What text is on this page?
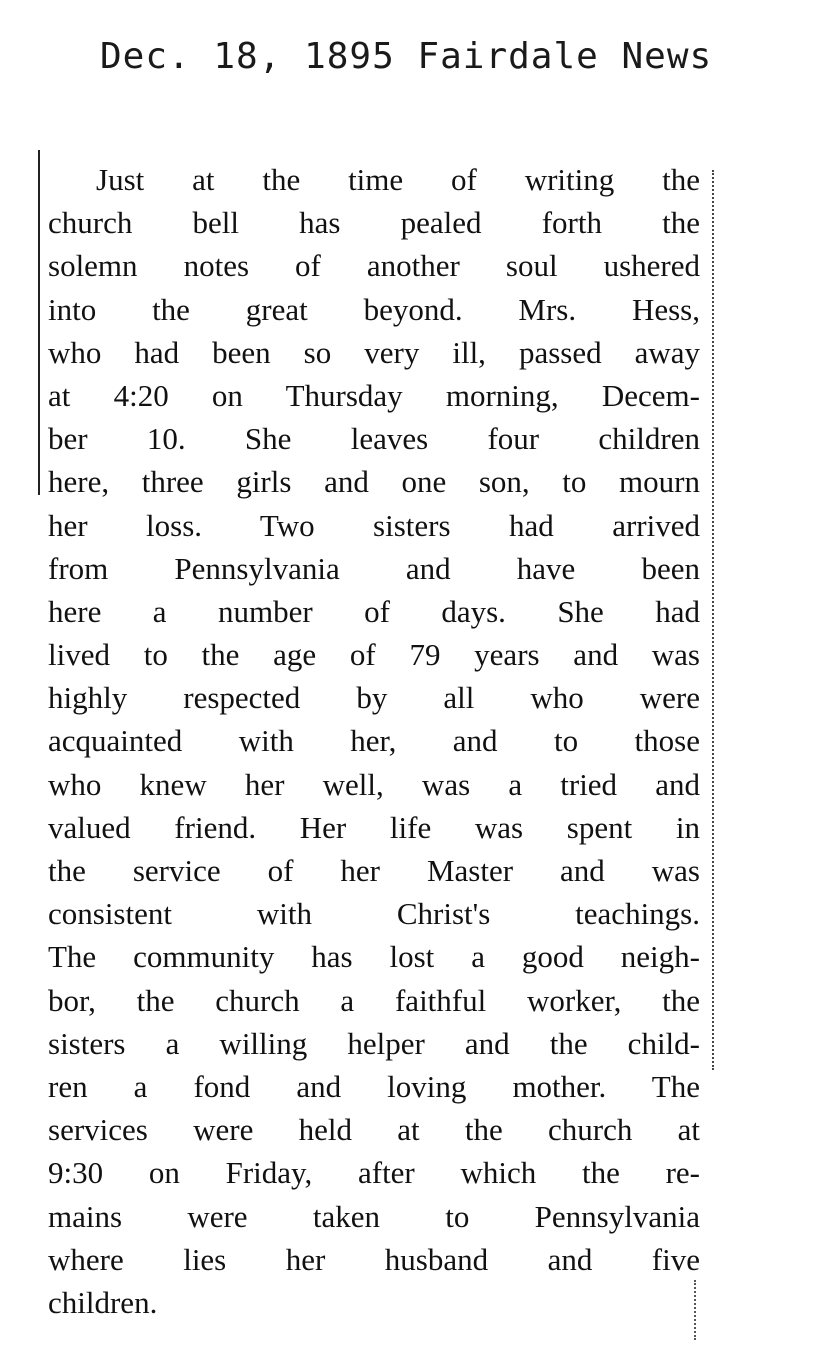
Dec. 18, 1895 Fairdale News
Just at the time of writing the
church bell has pealed forth the
solemn notes of another soul ushered
into the great beyond. Mrs. Hess,
who had been so very ill, passed away
at 4:20 on Thursday morning, Decem-
ber 10. She leaves four children
here, three girls and one son, to mourn
her loss. Two sisters had arrived
from Pennsylvania and have been
here a number of days. She had
lived to the age of 79 years and was
highly respected by all who were
acquainted with her, and to those
who knew her well, was a tried and
valued friend. Her life was spent in
the service of her Master and was
consistent with Christ's teachings.
The community has lost a good neigh-
bor, the church a faithful worker, the
sisters a willing helper and the child-
ren a fond and loving mother. The
services were held at the church at
9:30 on Friday, after which the re-
mains were taken to Pennsylvania
where lies her husband and five
children.
